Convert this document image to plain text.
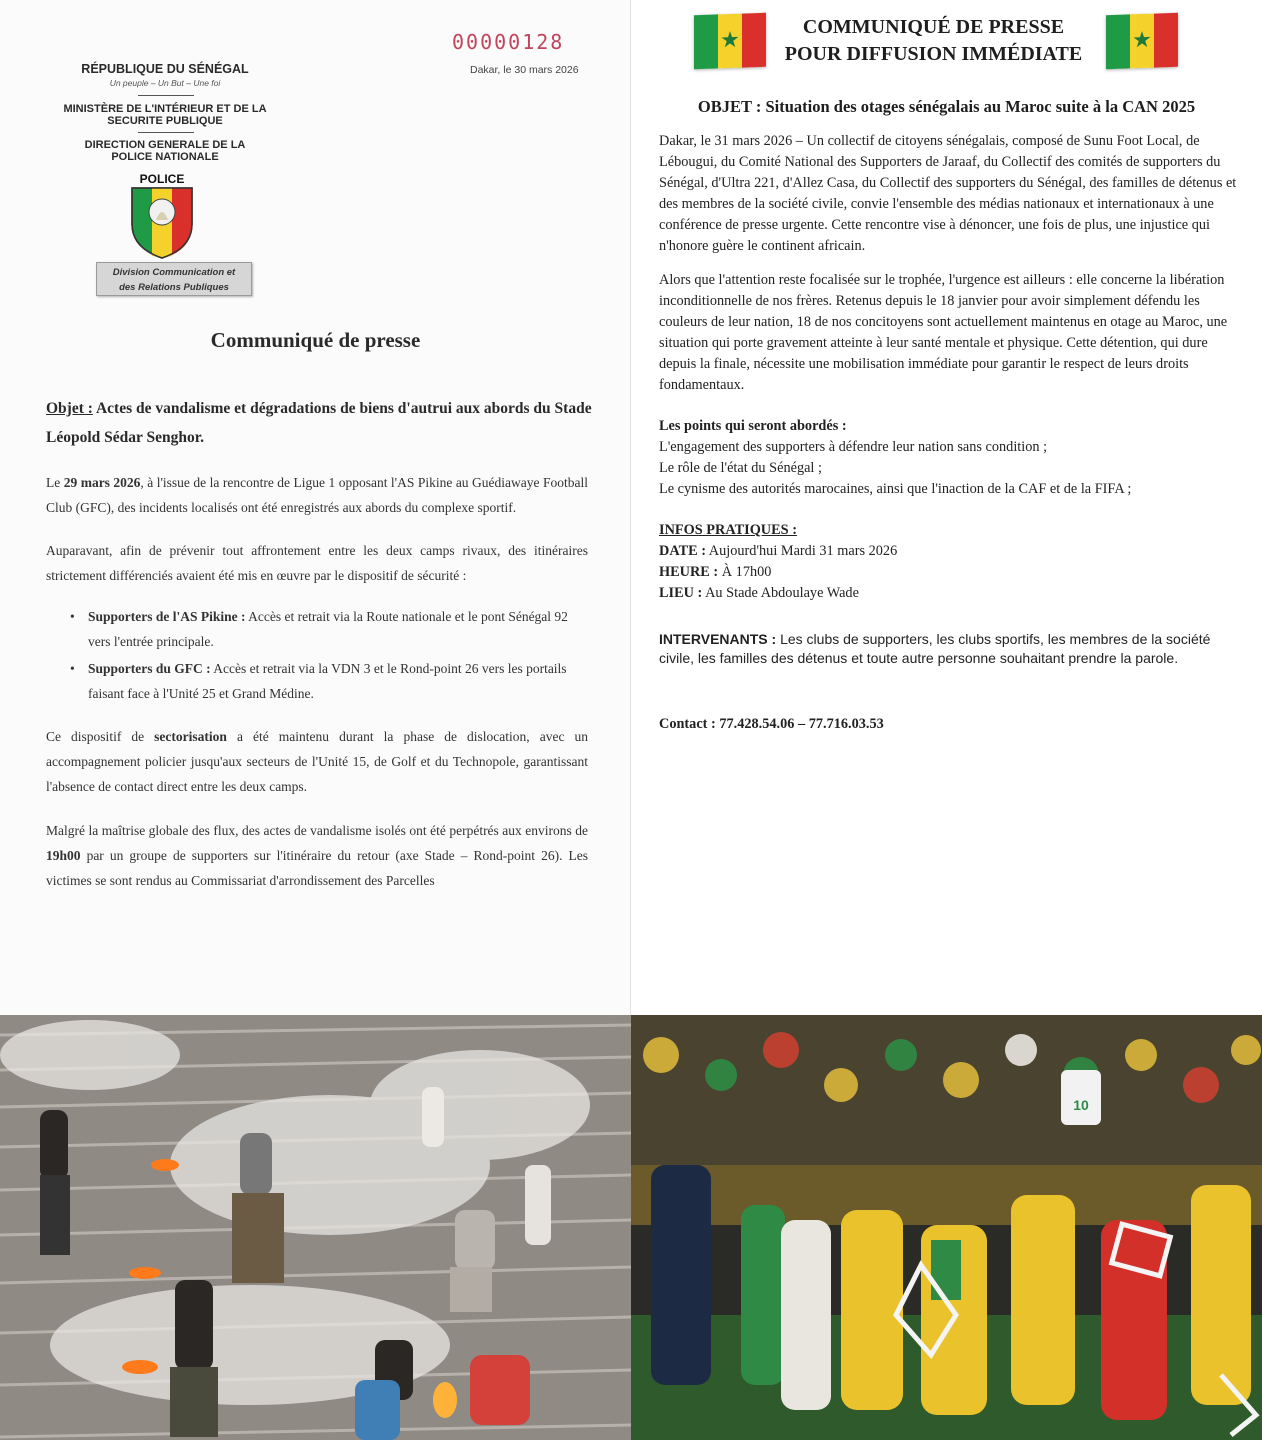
00000128
Dakar, le 30 mars 2026
RÉPUBLIQUE DU SÉNÉGAL
Un peuple – Un But – Une foi
MINISTÈRE DE L'INTÉRIEUR ET DE LA
SECURITE PUBLIQUE
DIRECTION GENERALE DE LA
POLICE NATIONALE
POLICE
Division Communication et
des Relations Publiques
Communiqué de presse
Objet : Actes de vandalisme et dégradations de biens d'autrui aux abords du Stade Léopold Sédar Senghor.

Le 29 mars 2026, à l'issue de la rencontre de Ligue 1 opposant l'AS Pikine au Guédiawaye Football Club (GFC), des incidents localisés ont été enregistrés aux abords du complexe sportif.

Auparavant, afin de prévenir tout affrontement entre les deux camps rivaux, des itinéraires strictement différenciés avaient été mis en œuvre par le dispositif de sécurité :

• Supporters de l'AS Pikine : Accès et retrait via la Route nationale et le pont Sénégal 92 vers l'entrée principale.
• Supporters du GFC : Accès et retrait via la VDN 3 et le Rond-point 26 vers les portails faisant face à l'Unité 25 et Grand Médine.

Ce dispositif de sectorisation a été maintenu durant la phase de dislocation, avec un accompagnement policier jusqu'aux secteurs de l'Unité 15, de Golf et du Technopole, garantissant l'absence de contact direct entre les deux camps.

Malgré la maîtrise globale des flux, des actes de vandalisme isolés ont été perpétrés aux environs de 19h00 par un groupe de supporters sur l'itinéraire du retour (axe Stade – Rond-point 26). Les victimes se sont rendus au Commissariat d'arrondissement des Parcelles

★	COMMUNIQUÉ DE PRESSE
POUR DIFFUSION IMMÉDIATE
★
OBJET : Situation des otages sénégalais au Maroc suite à la CAN 2025

Dakar, le 31 mars 2026 – Un collectif de citoyens sénégalais, composé de Sunu Foot Local, de Lébougui, du Comité National des Supporters de Jaraaf, du Collectif des comités de supporters du Sénégal, d'Ultra 221, d'Allez Casa, du Collectif des supporters du Sénégal, des familles de détenus et des membres de la société civile, convie l'ensemble des médias nationaux et internationaux à une conférence de presse urgente. Cette rencontre vise à dénoncer, une fois de plus, une injustice qui n'honore guère le continent africain.

Alors que l'attention reste focalisée sur le trophée, l'urgence est ailleurs : elle concerne la libération inconditionnelle de nos frères. Retenus depuis le 18 janvier pour avoir simplement défendu les couleurs de leur nation, 18 de nos concitoyens sont actuellement maintenus en otage au Maroc, une situation qui porte gravement atteinte à leur santé mentale et physique. Cette détention, qui dure depuis la finale, nécessite une mobilisation immédiate pour garantir le respect de leurs droits fondamentaux.

Les points qui seront abordés :
L'engagement des supporters à défendre leur nation sans condition ;
Le rôle de l'état du Sénégal ;
Le cynisme des autorités marocaines, ainsi que l'inaction de la CAF et de la FIFA ;
INFOS PRATIQUES :
DATE : Aujourd'hui Mardi 31 mars 2026
HEURE : À 17h00
LIEU : Au Stade Abdoulaye Wade

INTERVENANTS : Les clubs de supporters, les clubs sportifs, les membres de la société civile, les familles des détenus et toute autre personne souhaitant prendre la parole.

Contact : 77.428.54.06 – 77.716.03.53

10
